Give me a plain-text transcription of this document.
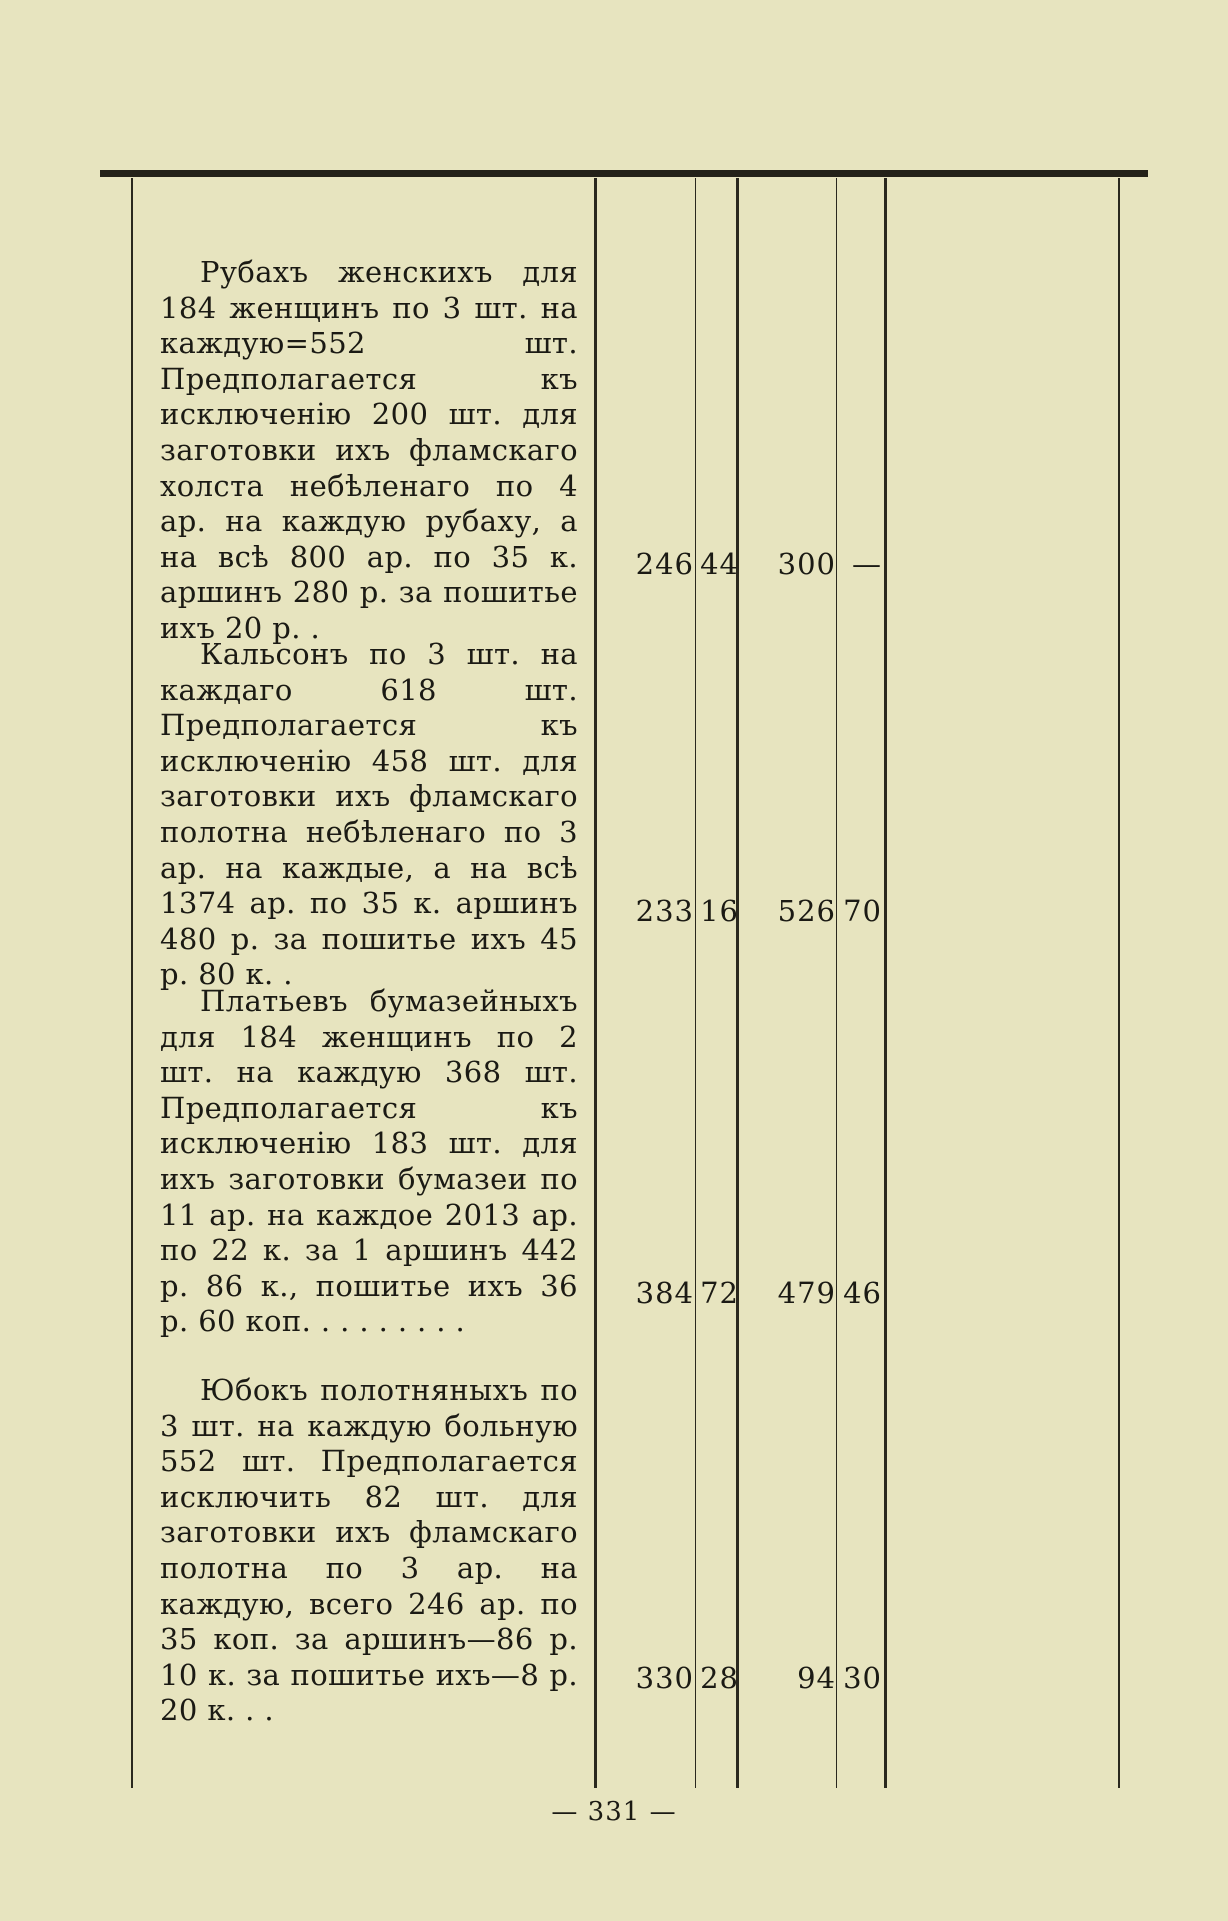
Рубахъ женскихъ для 184 женщинъ по 3 шт. на каждую=552 шт. Предполагается къ исключенію 200 шт. для заготовки ихъ фламскаго холста небѣленаго по 4 ар. на каждую рубаху, а на всѣ 800 ар. по 35 к. аршинъ 280 р. за пошитье ихъ 20 р. .
246 44	300 —
Кальсонъ по 3 шт. на каждаго 618 шт. Предполагается къ исключенію 458 шт. для заготовки ихъ фламскаго полотна небѣленаго по 3 ар. на каждые, а на всѣ 1374 ар. по 35 к. аршинъ 480 р. за пошитье ихъ 45 р. 80 к. .
233 16	526 70
Платьевъ бумазейныхъ для 184 женщинъ по 2 шт. на каждую 368 шт. Предполагается къ исключенію 183 шт. для ихъ заготовки бумазеи по 11 ар. на каждое 2013 ар. по 22 к. за 1 аршинъ 442 р. 86 к., пошитье ихъ 36 р. 60 коп. . . . . . . . .
384 72	479 46
Юбокъ полотняныхъ по 3 шт. на каждую больную 552 шт. Предполагается исключить 82 шт. для заготовки ихъ фламскаго полотна по 3 ар. на каждую, всего 246 ар. по 35 коп. за аршинъ—86 р. 10 к. за пошитье ихъ—8 р. 20 к. . .
330 28	94 30
— 331 —
